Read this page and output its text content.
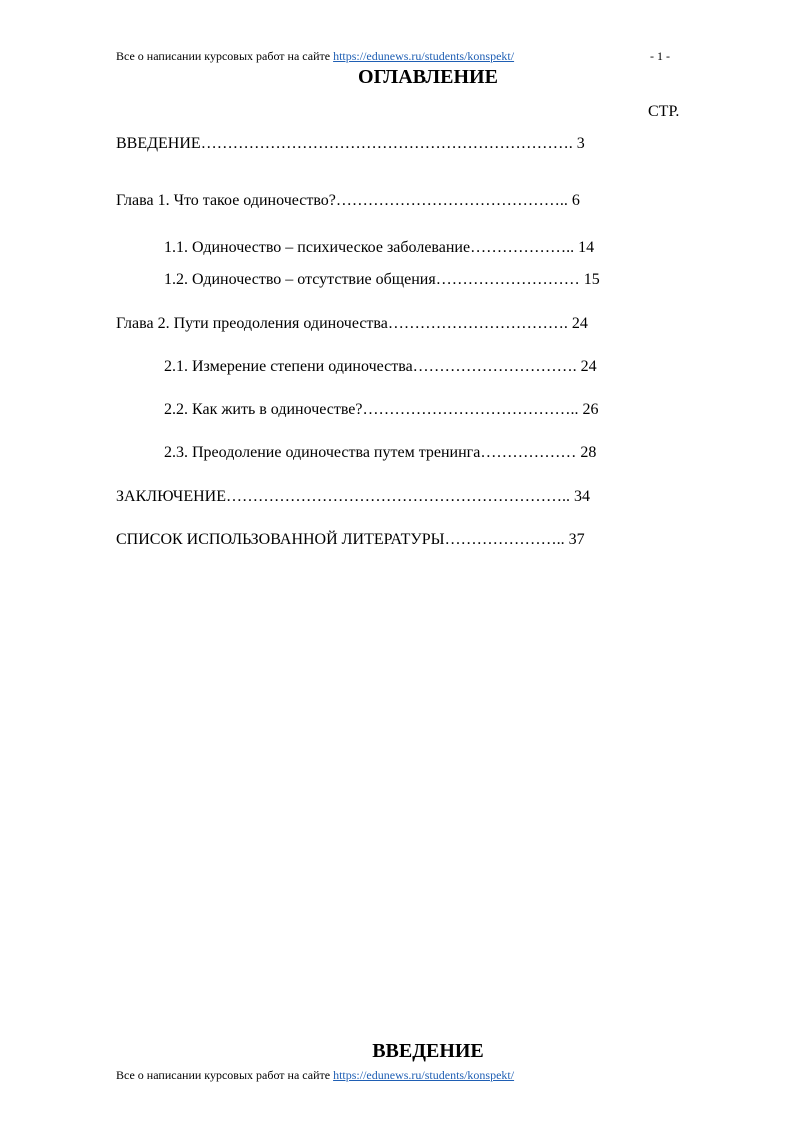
Все о написании курсовых работ на сайте https://edunews.ru/students/konspekt/	- 1 -
ОГЛАВЛЕНИЕ
СТР.
ВВЕДЕНИЕ……………………………………………………………. 3
Глава 1. Что такое одиночество?…………………………………….. 6
1.1. Одиночество – психическое заболевание……………….. 14
1.2. Одиночество – отсутствие общения……………………… 15
Глава 2. Пути преодоления одиночества……………………………. 24
2.1. Измерение степени одиночества…………………………. 24
2.2. Как жить в одиночестве?………………………………….. 26
2.3. Преодоление одиночества путем тренинга……………… 28
ЗАКЛЮЧЕНИЕ……………………………………………………….. 34
СПИСОК ИСПОЛЬЗОВАННОЙ ЛИТЕРАТУРЫ………………….. 37
ВВЕДЕНИЕ
Все о написании курсовых работ на сайте https://edunews.ru/students/konspekt/
